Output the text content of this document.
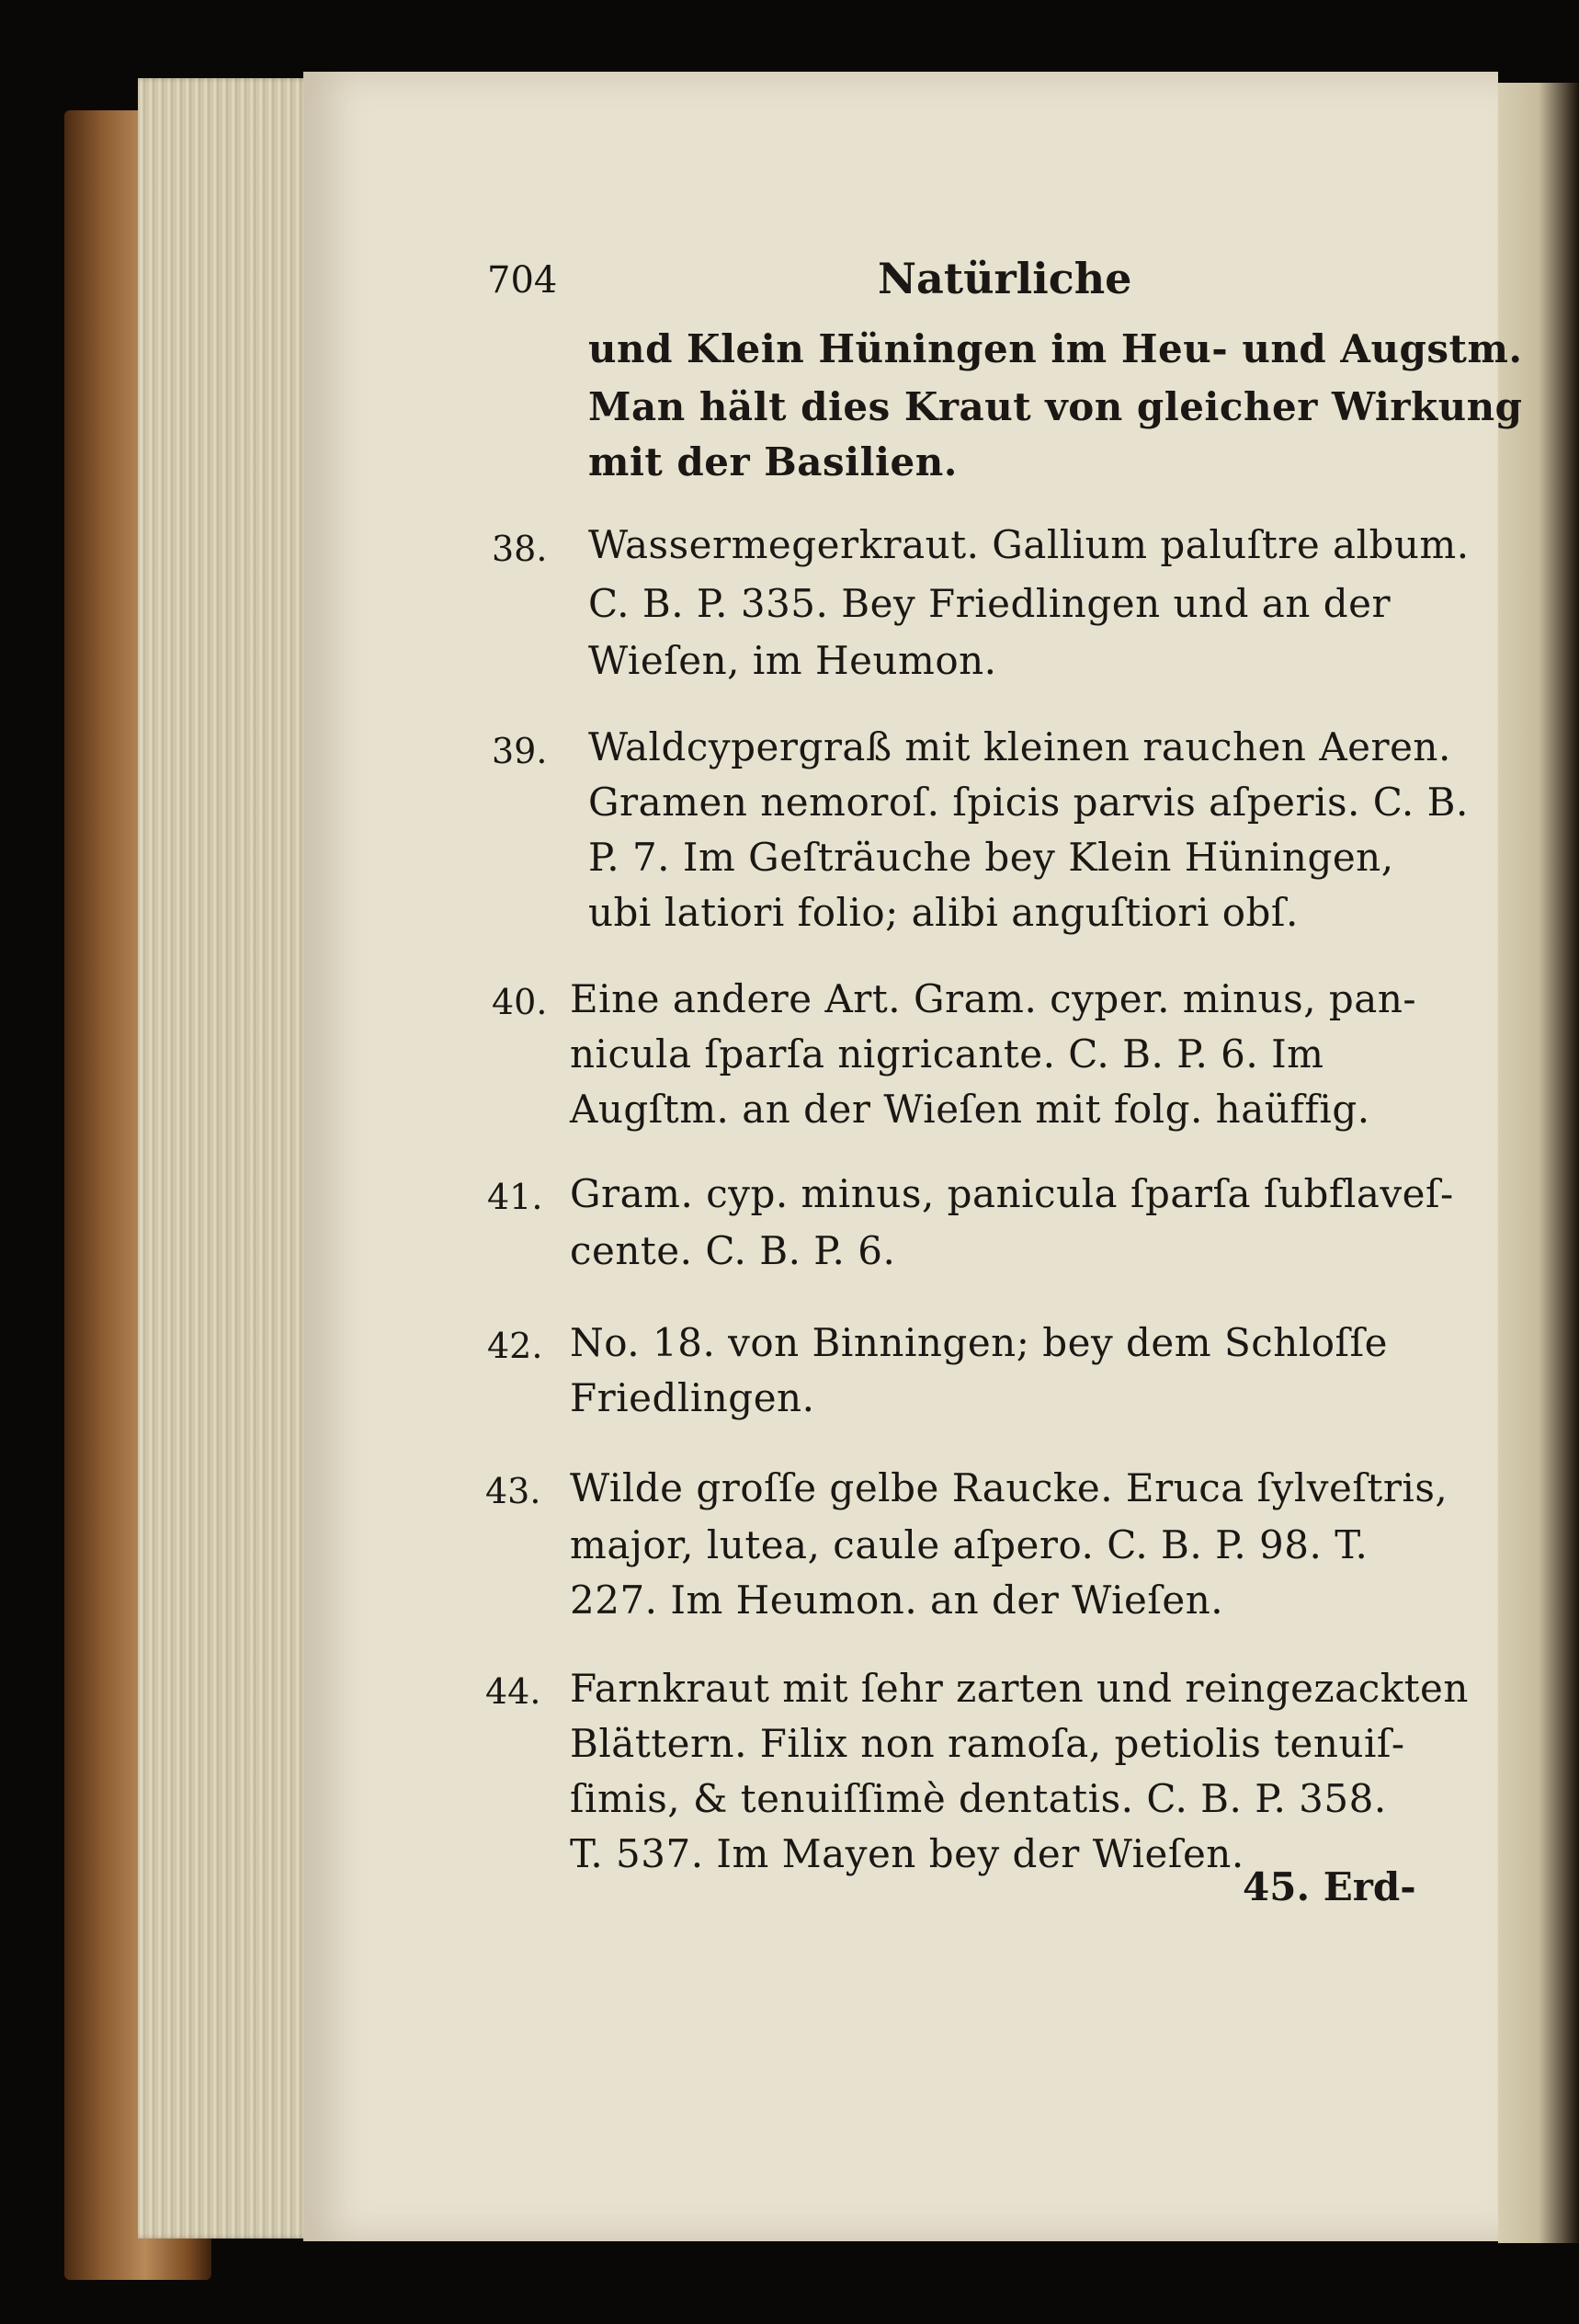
704	Natürliche
und Klein Hüningen im Heu- und Augstm.
Man hält dies Kraut von gleicher Wirkung
mit der Basilien.
38. Wassermegerkraut. Gallium paluſtre album.
C. B. P. 335. Bey Friedlingen und an der
Wieſen, im Heumon.
39. Waldcypergraß mit kleinen rauchen Aeren.
Gramen nemoroſ. ſpicis parvis aſperis. C. B.
P. 7. Im Geſträuche bey Klein Hüningen,
ubi latiori folio; alibi anguſtiori obſ.
40. Eine andere Art. Gram. cyper. minus, pan-
nicula ſparſa nigricante. C. B. P. 6. Im
Augſtm. an der Wieſen mit folg. haüffig.
41. Gram. cyp. minus, panicula ſparſa ſubflaveſ-
cente. C. B. P. 6.
42. No. 18. von Binningen; bey dem Schloſſe
Friedlingen.
43. Wilde groſſe gelbe Raucke. Eruca ſylveſtris,
major, lutea, caule aſpero. C. B. P. 98. T.
227. Im Heumon. an der Wieſen.
44. Farnkraut mit ſehr zarten und reingezackten
Blättern. Filix non ramoſa, petiolis tenuiſ-
ſimis, & tenuiſſimè dentatis. C. B. P. 358.
T. 537. Im Mayen bey der Wieſen.
45. Erd-
